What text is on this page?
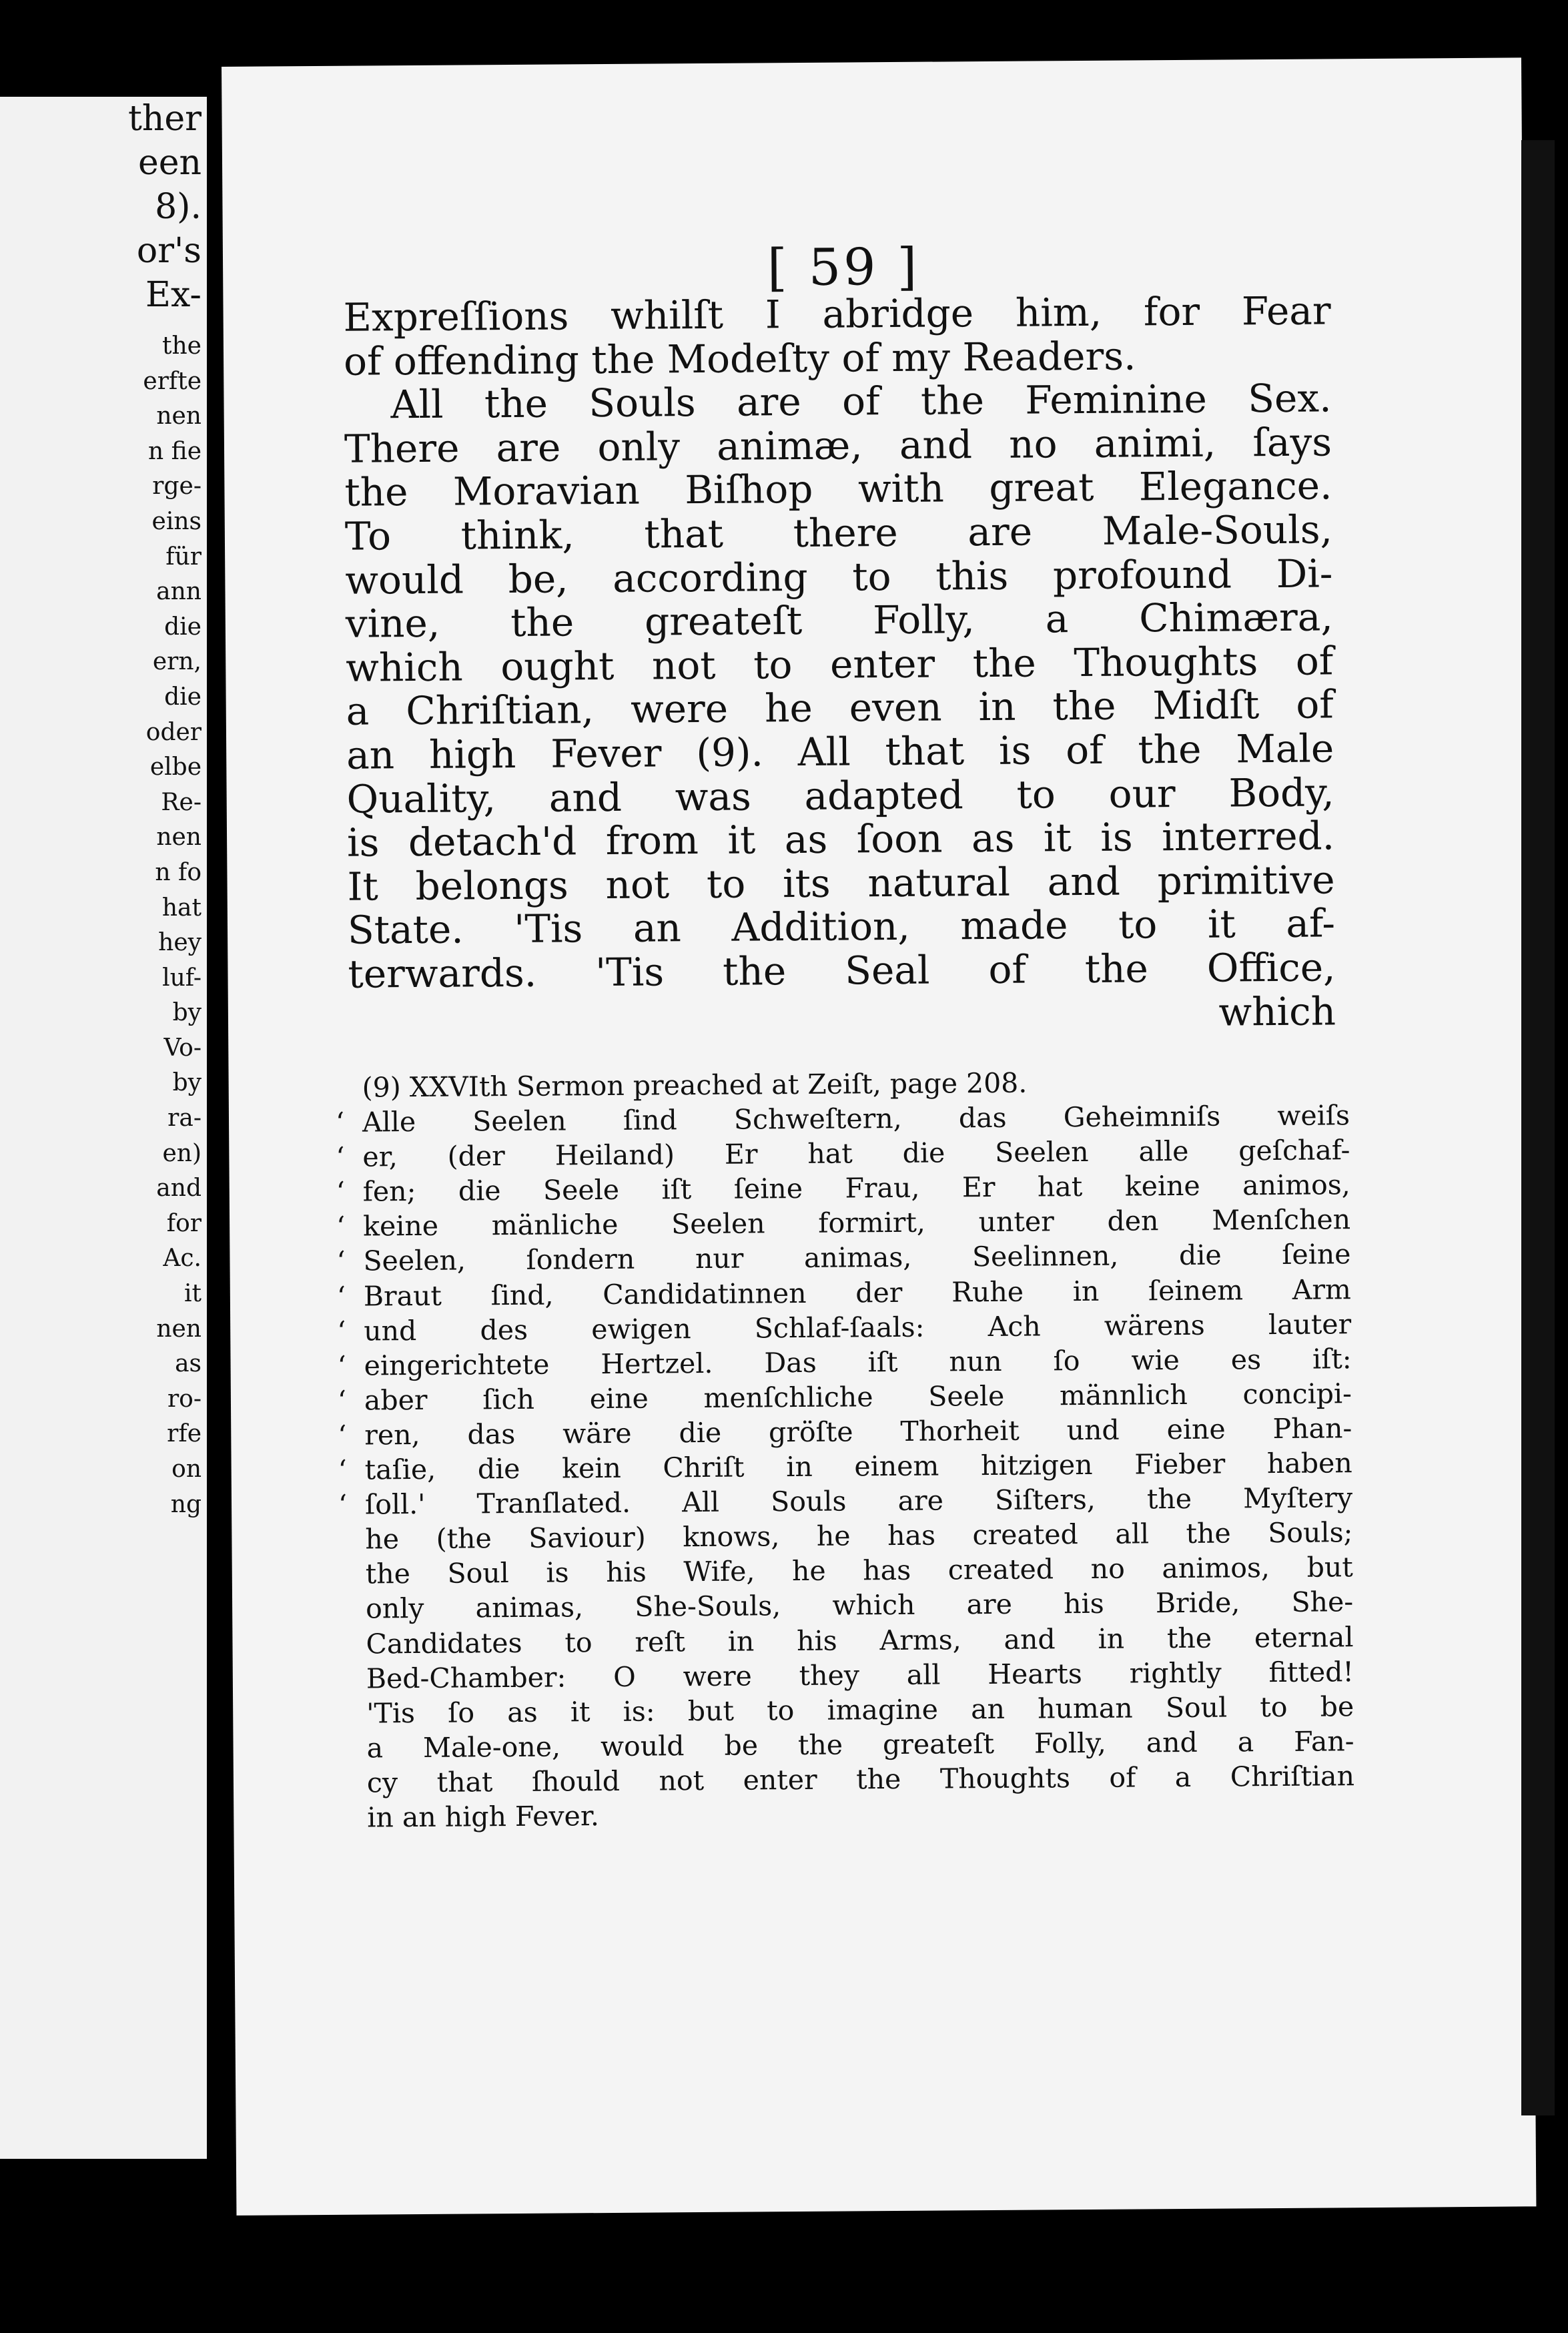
ther
een
8).
or's
Ex-
the
erfte
nen
n fie
rge-
eins
für
ann
die
ern,
die
oder
elbe
Re-
nen
n fo
hat
hey
luf-
by
Vo-
by
ra-
en)
and
for
Ac.
it
nen
as
ro-
rfe
on
ng
[ 59 ]
Expreſſions whilſt I abridge him, for Fear
of offending the Modeſty of my Readers.
All the Souls are of the Feminine Sex.
There are only animæ, and no animi, ſays
the Moravian Biſhop with great Elegance.
To think, that there are Male-Souls,
would be, according to this profound Di-
vine, the greateſt Folly, a Chimæra,
which ought not to enter the Thoughts of
a Chriſtian, were he even in the Midſt of
an high Fever (9). All that is of the Male
Quality, and was adapted to our Body,
is detach'd from it as ſoon as it is interred.
It belongs not to its natural and primitive
State. 'Tis an Addition, made to it af-
terwards. 'Tis the Seal of the Office,
which
(9) XXVIth Sermon preached at Zeiſt, page 208.
‘ Alle Seelen ſind Schweſtern, das Geheimniſs weiſs
‘ er, (der Heiland) Er hat die Seelen alle geſchaf-
‘ fen; die Seele iſt ſeine Frau, Er hat keine animos,
‘ keine mänliche Seelen formirt, unter den Menſchen
‘ Seelen, ſondern nur animas, Seelinnen, die ſeine
‘ Braut ſind, Candidatinnen der Ruhe in ſeinem Arm
‘ und des ewigen Schlaf-ſaals: Ach wärens lauter
‘ eingerichtete Hertzel. Das iſt nun ſo wie es iſt:
‘ aber ſich eine menſchliche Seele männlich concipi-
‘ ren, das wäre die gröſte Thorheit und eine Phan-
‘ taſie, die kein Chriſt in einem hitzigen Fieber haben
‘ ſoll.' Tranſlated. All Souls are Siſters, the Myſtery
he (the Saviour) knows, he has created all the Souls;
the Soul is his Wife, he has created no animos, but
only animas, She-Souls, which are his Bride, She-
Candidates to reſt in his Arms, and in the eternal
Bed-Chamber: O were they all Hearts rightly fitted!
'Tis ſo as it is: but to imagine an human Soul to be
a Male-one, would be the greateſt Folly, and a Fan-
cy that ſhould not enter the Thoughts of a Chriſtian
in an high Fever.
